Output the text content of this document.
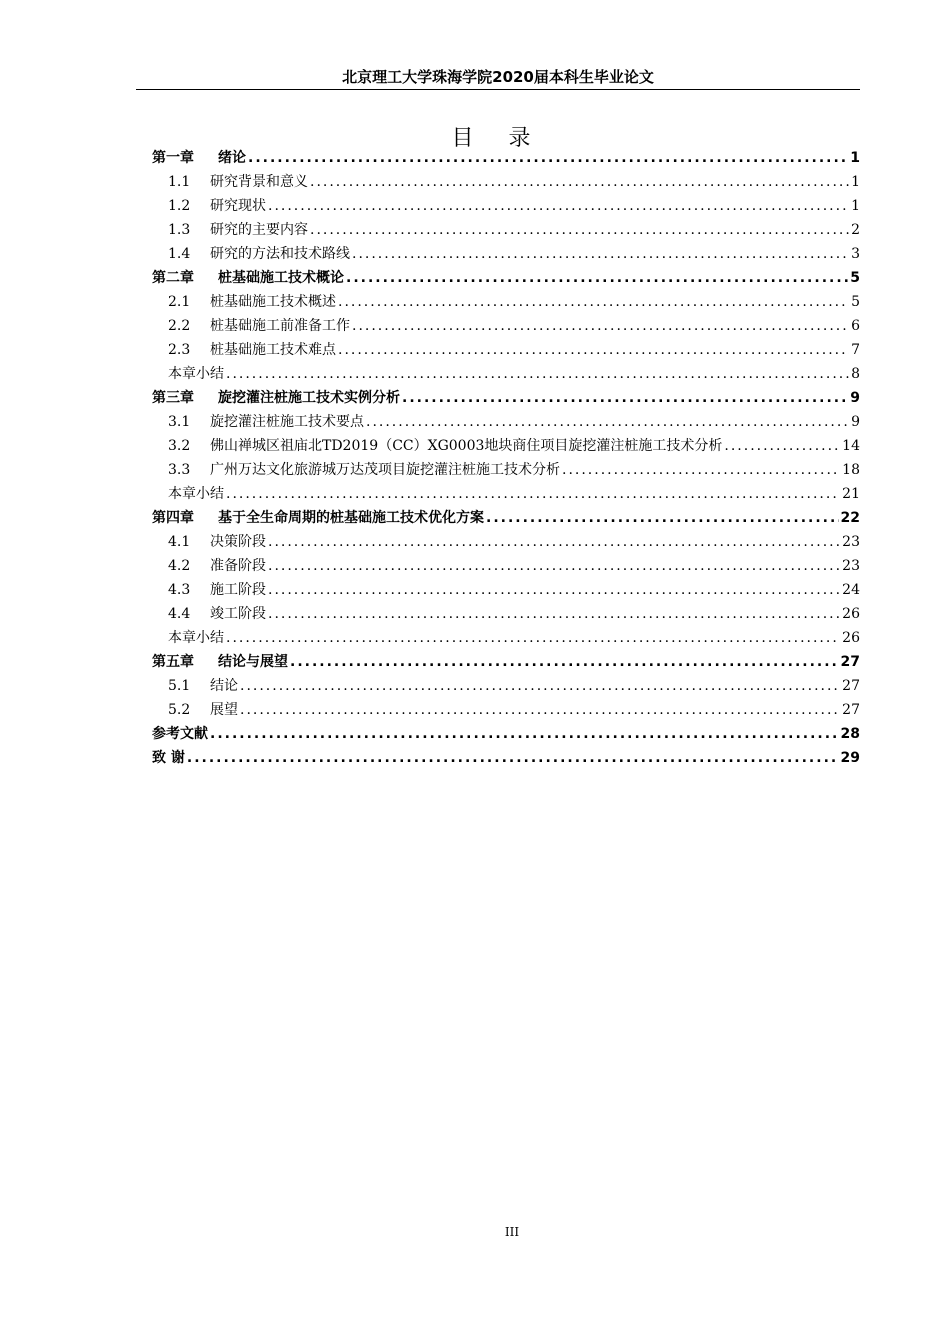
北京理工大学珠海学院2020届本科生毕业论文
目 录
第一章 绪论 .....	1
1.1 研究背景和意义 .....	1
1.2 研究现状 .....	1
1.3 研究的主要内容 .....	2
1.4 研究的方法和技术路线 .....	3
第二章 桩基础施工技术概论 .....	5
2.1 桩基础施工技术概述 .....	5
2.2 桩基础施工前准备工作 .....	6
2.3 桩基础施工技术难点 .....	7
本章小结 .....	8
第三章 旋挖灌注桩施工技术实例分析 .....	9
3.1 旋挖灌注桩施工技术要点 .....	9
3.2 佛山禅城区祖庙北TD2019（CC）XG0003地块商住项目旋挖灌注桩施工技术分析 .....	14
3.3 广州万达文化旅游城万达茂项目旋挖灌注桩施工技术分析 .....	18
本章小结 .....	21
第四章 基于全生命周期的桩基础施工技术优化方案 .....	22
4.1 决策阶段 .....	23
4.2 准备阶段 .....	23
4.3 施工阶段 .....	24
4.4 竣工阶段 .....	26
本章小结 .....	26
第五章 结论与展望 .....	27
5.1 结论 .....	27
5.2 展望 .....	27
参考文献 .....	28
致 谢 .....	29
III
